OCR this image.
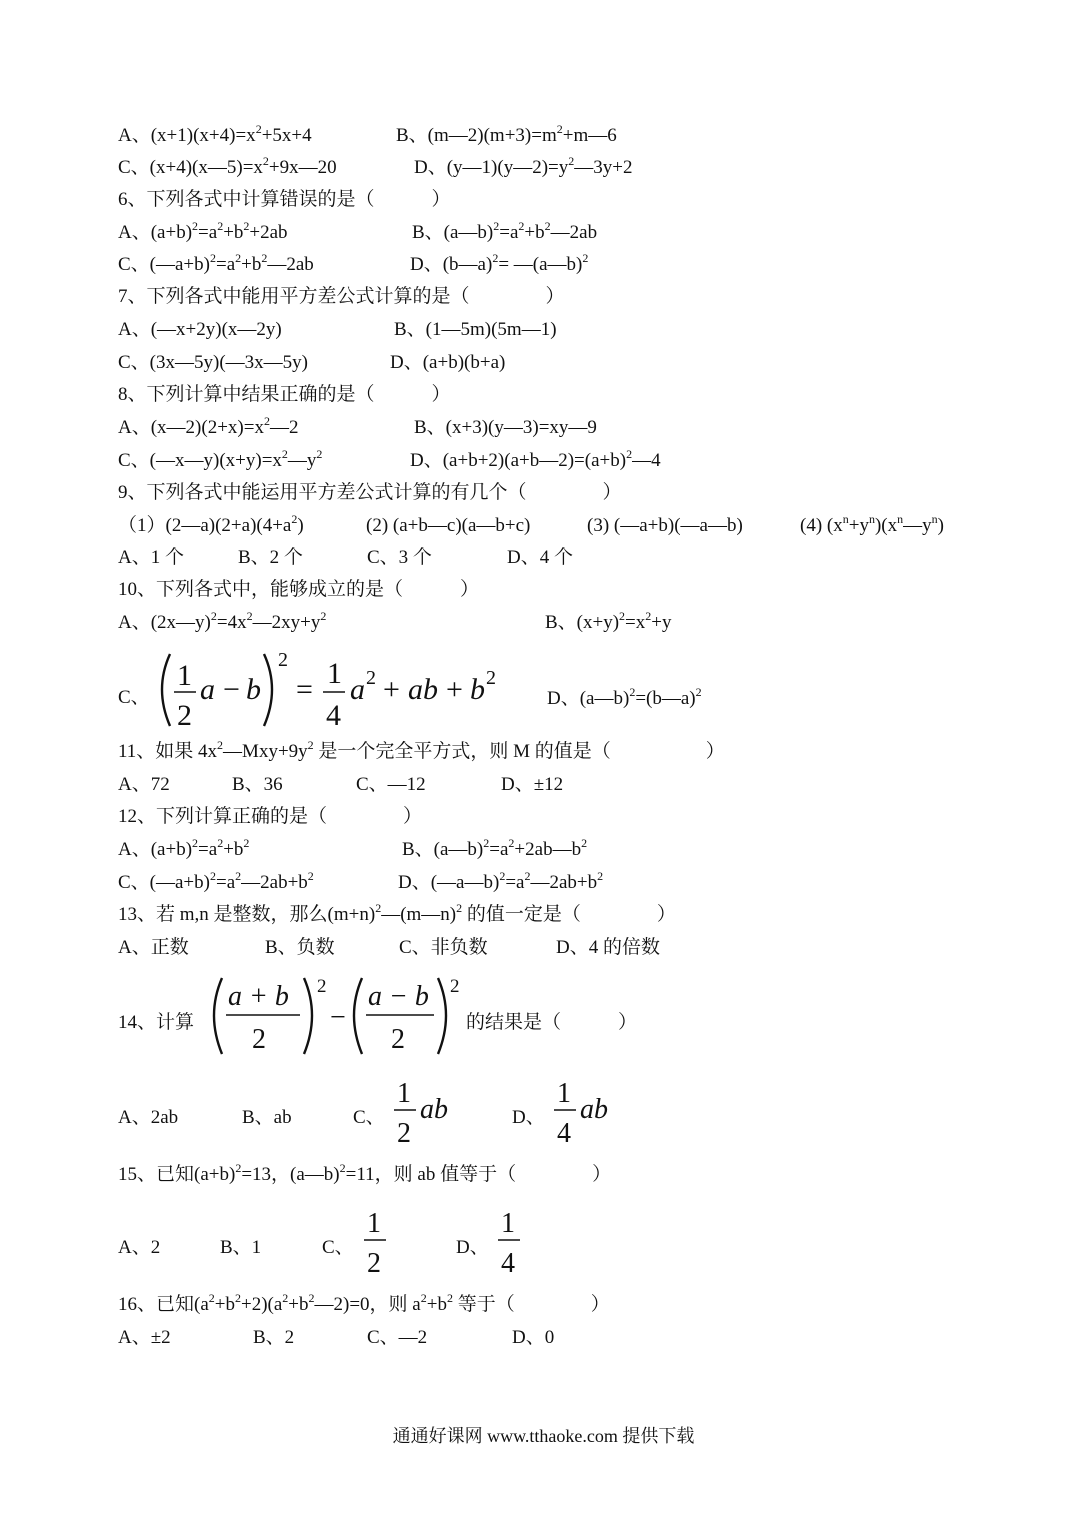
A、$(x+1)(x+4)=x^2+5x+4$	B、$(m—2)(m+3)=m^2+m—6$
C、$(x+4)(x—5)=x^2+9x—20$	D、$(y—1)(y—2)=y^2—3y+2$
6、下列各式中计算错误的是（　　　）
A、$(a+b)^2=a^2+b^2+2ab$	B、$(a—b)^2=a^2+b^2—2ab$
C、$(—a+b)^2=a^2+b^2—2ab$	D、(b—a)$^2$= —(a—b)$^2$
7、下列各式中能用平方差公式计算的是（　　　　）
A、(—x+2y)(x—2y)	B、(1—5m)(5m—1)
C、(3x—5y)(—3x—5y)	D、(a+b)(b+a)
8、下列计算中结果正确的是（　　　）
A、$(x—2)(2+x)=x^2—2$	B、(x+3)(y—3)=xy—9
C、$(—x—y)(x+y)=x^2—y^2$	D、$(a+b+2)(a+b—2)=(a+b)^2—4$
9、下列各式中能运用平方差公式计算的有几个（　　　　）
$(1)(2—a)(2+a)(4+a^2)$	(2) (a+b—c)(a—b+c)	(3) (—a+b)(—a—b)	(4) $(x^n+y^n)(x^n—y^n)$
A、1 个	B、2 个	C、3 个	D、4 个
10、下列各式中，能够成立的是（　　　）
A、$(2x—y)^2=4x^2—2xy+y^2$	B、$(x+y)^2=x^2+y$
C、
1
2
a − b
2
= 1
4
a 2 + ab + b 2
D、(a—b)$^2$=(b—a)$^2$
11、如果 $4x^2—Mxy+9y^2$ 是一个完全平方式，则 M 的值是（　　　　　）
A、72	B、36	C、—12	D、±12
12、下列计算正确的是（　　　　）
A、$(a+b)^2=a^2+b^2$	B、$(a—b)^2=a^2+2ab—b^2$
C、$(—a+b)^2=a^2—2ab+b^2$	D、$(—a—b)^2=a^2—2ab+b^2$
13、若 m,n 是整数，那么$(m+n)^2—(m—n)^2$ 的值一定是（　　　　）
A、正数	B、负数	C、非负数	D、4 的倍数
14、计算
a + b
2
2
−
a − b
2
2
的结果是（　　　）
A、2ab	B、ab	C、
1
2
ab	D、
1
4
ab
15、已知$(a+b)^2=13$，(a—b)$^2$=11，则 ab 值等于（　　　　）
A、2	B、1	C、
1
2
D、
1
4
16、已知$(a^2+b^2+2)(a^2+b^2—2)=0$，则 $a^2+b^2$ 等于（　　　　）
A、±2	B、2	C、—2	D、0
通通好课网 www.tthaoke.com 提供下载
